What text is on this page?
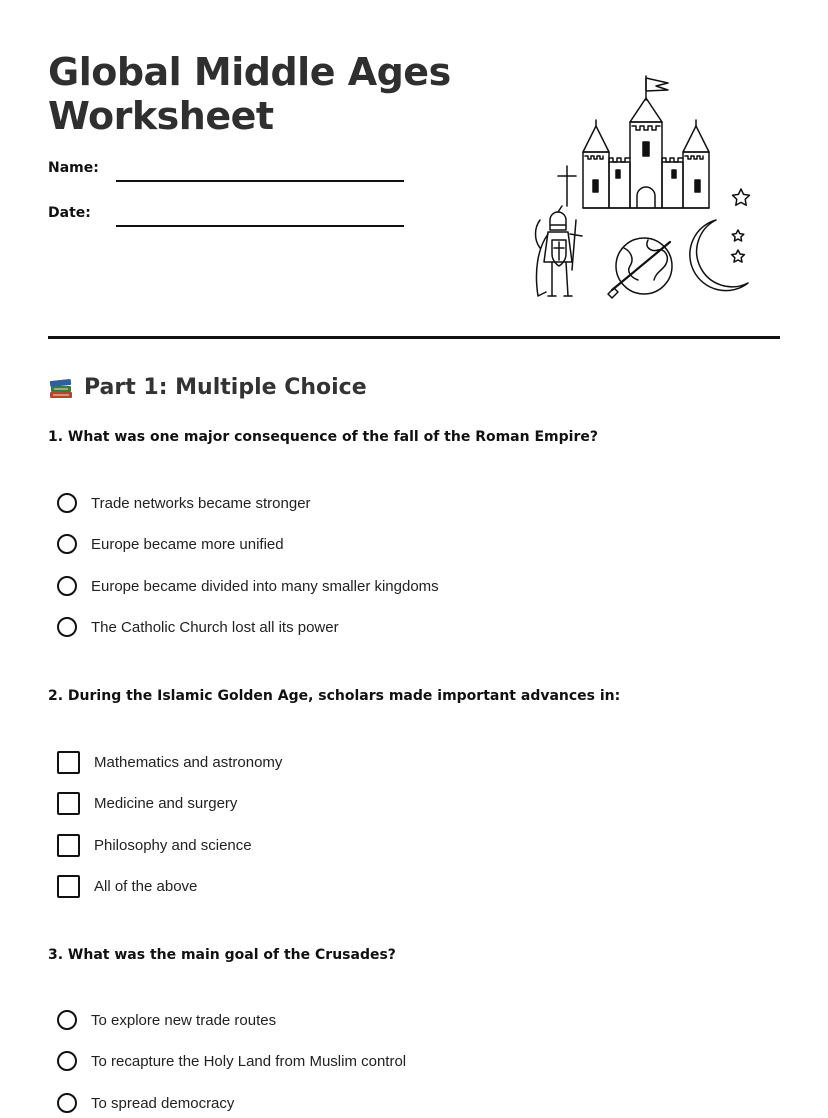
Global Middle Ages
Worksheet
Name:
Date:
Part 1: Multiple Choice

1. What was one major consequence of the fall of the Roman Empire?

Trade networks became stronger
Europe became more unified
Europe became divided into many smaller kingdoms
The Catholic Church lost all its power

2. During the Islamic Golden Age, scholars made important advances in:

Mathematics and astronomy
Medicine and surgery
Philosophy and science
All of the above

3. What was the main goal of the Crusades?

To explore new trade routes
To recapture the Holy Land from Muslim control
To spread democracy
